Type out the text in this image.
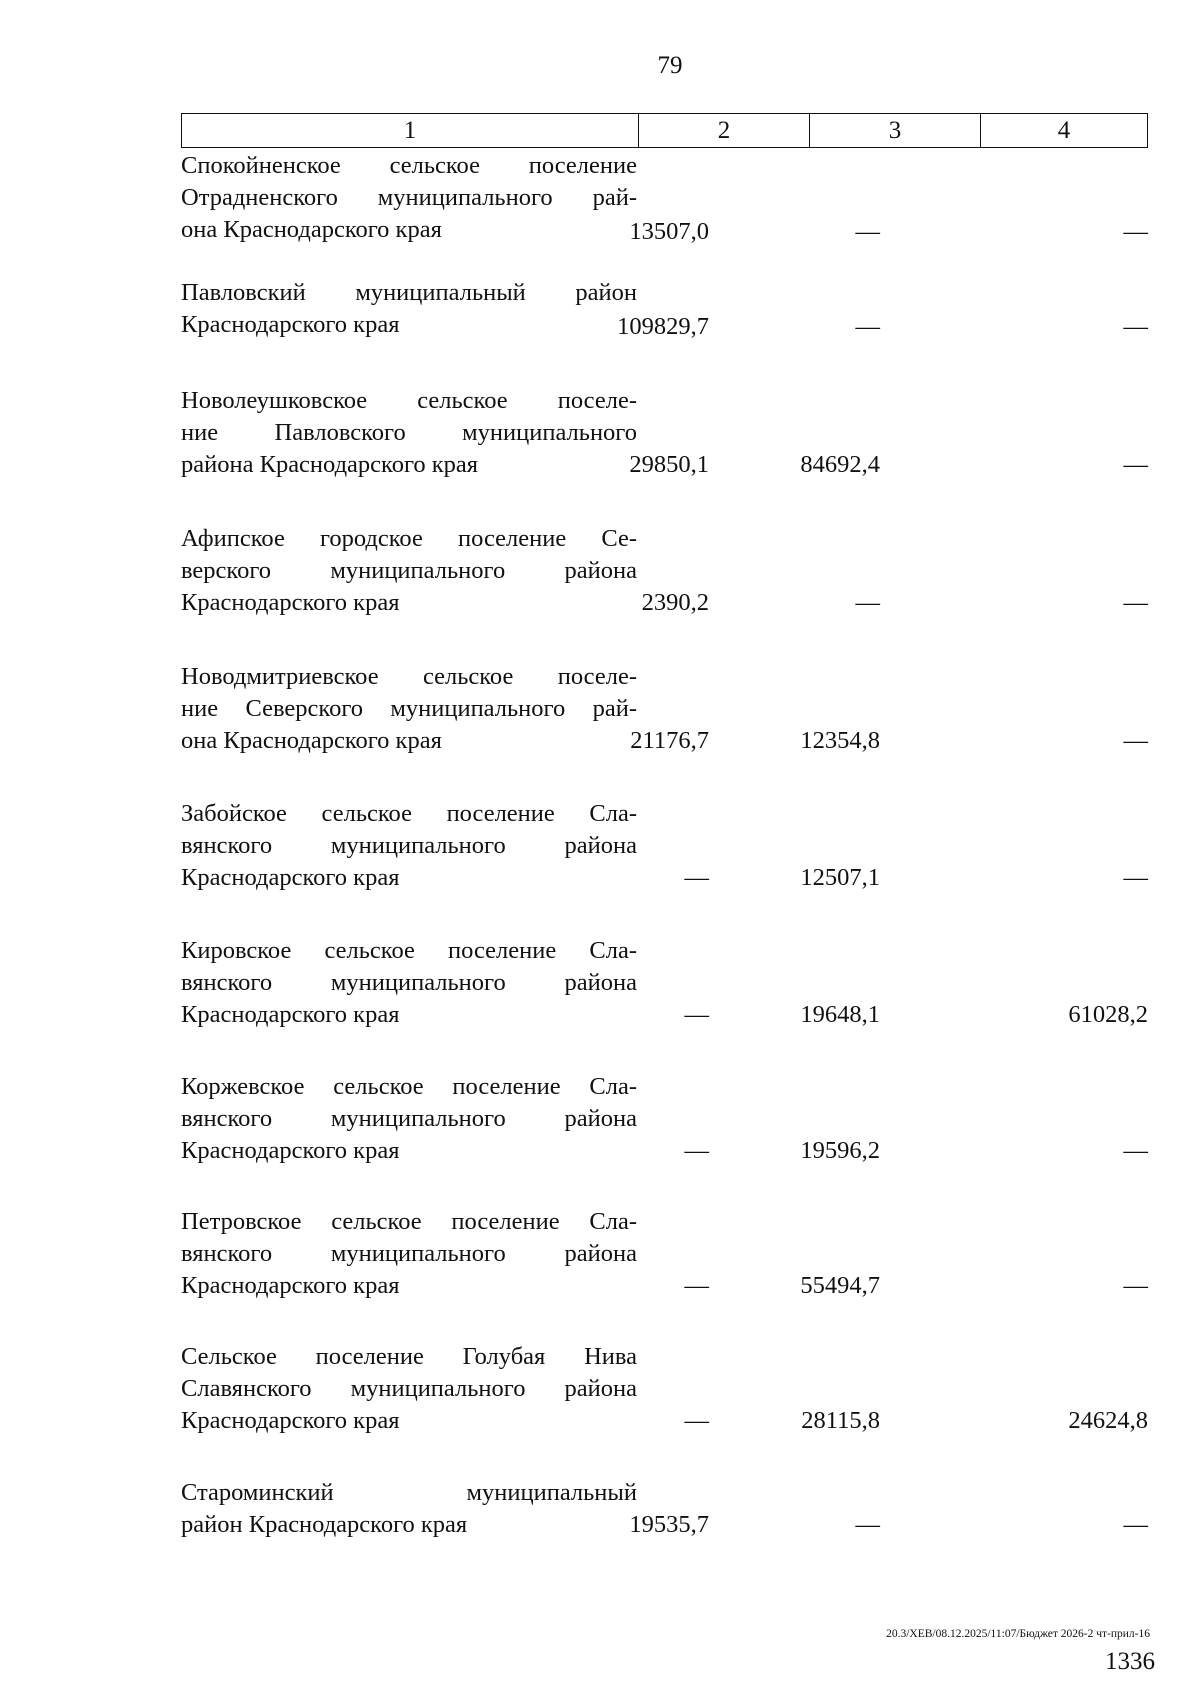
79
1	2	3	4
Спокойненское сельское поселение
Отрадненского муниципального рай-
она Краснодарского края	13507,0	—	—
Павловский муниципальный район
Краснодарского края	109829,7	—	—
Новолеушковское сельское поселе-
ние Павловского муниципального
района Краснодарского края	29850,1	84692,4	—
Афипское городское поселение Се-
верского муниципального района
Краснодарского края	2390,2	—	—
Новодмитриевское сельское поселе-
ние Северского муниципального рай-
она Краснодарского края	21176,7	12354,8	—
Забойское сельское поселение Сла-
вянского муниципального района
Краснодарского края	—	12507,1	—
Кировское сельское поселение Сла-
вянского муниципального района
Краснодарского края	—	19648,1	61028,2
Коржевское сельское поселение Сла-
вянского муниципального района
Краснодарского края	—	19596,2	—
Петровское сельское поселение Сла-
вянского муниципального района
Краснодарского края	—	55494,7	—
Сельское поселение Голубая Нива
Славянского муниципального района
Краснодарского края	—	28115,8	24624,8
Староминский муниципальный
район Краснодарского края	19535,7	—	—
20.3/ХЕВ/08.12.2025/11:07/Бюджет 2026-2 чт-прил-16
1336
